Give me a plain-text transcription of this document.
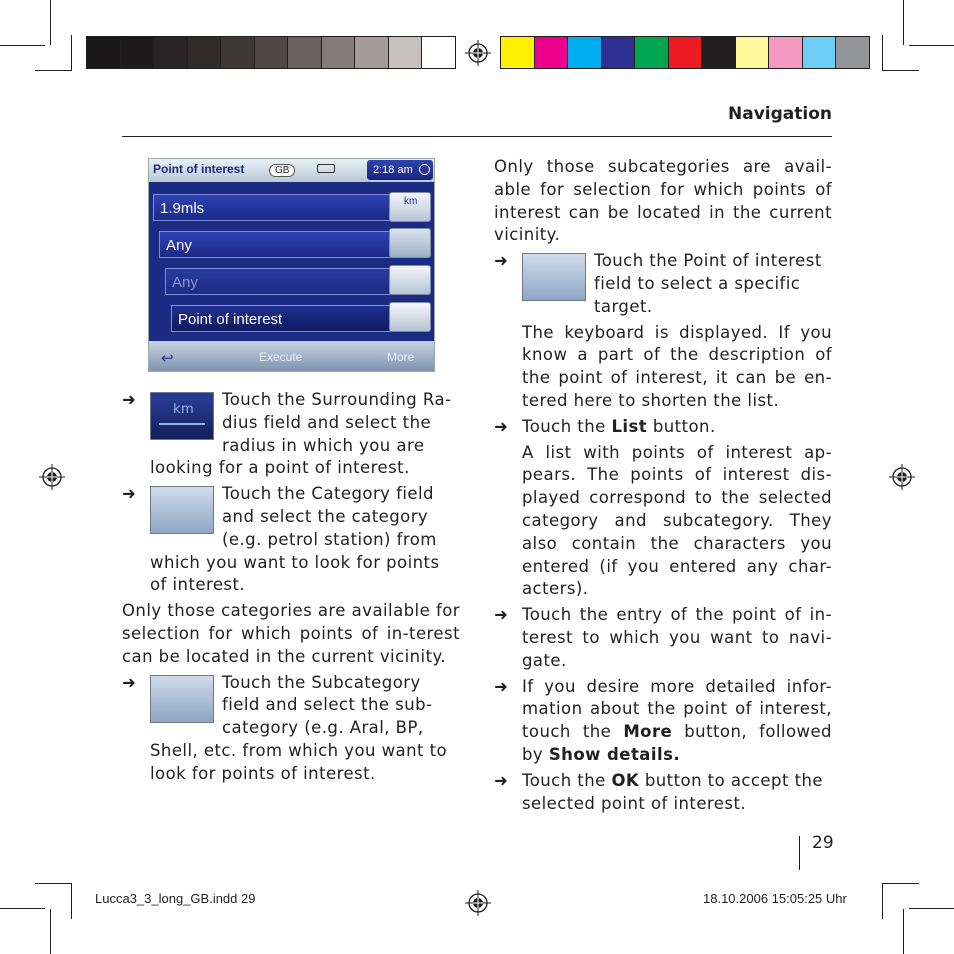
Navigation
Point of interest	GB	2:18 am
1.9mls	km
Any
Any
Point of interest
↩	Execute	More
➜
km
Touch the Surrounding Ra-dius field and select the radius in which you are looking for a point of interest.
➜	Touch the Category field and select the category (e.g. petrol station) from which you want to look for points of interest.

Only those categories are available for selection for which points of in-terest can be located in the current vicinity.

➜	Touch the Subcategory field and select the sub-category (e.g. Aral, BP, Shell, etc. from which you want to look for points of interest.

Only those subcategories are avail-able for selection for which points of interest can be located in the current vicinity.

➜	Touch the Point of interest field to select a specific target.

The keyboard is displayed. If you know a part of the description of the point of interest, it can be en-tered here to shorten the list.

➜ Touch the List button.

A list with points of interest ap-pears. The points of interest dis-played correspond to the selected category and subcategory. They also contain the characters you entered (if you entered any char-acters).

➜ Touch the entry of the point of in-terest to which you want to navi-gate.
➜ If you desire more detailed infor-mation about the point of interest, touch the More button, followed by Show details.
➜ Touch the OK button to accept the selected point of interest.
29
Lucca3_3_long_GB.indd 29	18.10.2006 15:05:25 Uhr
